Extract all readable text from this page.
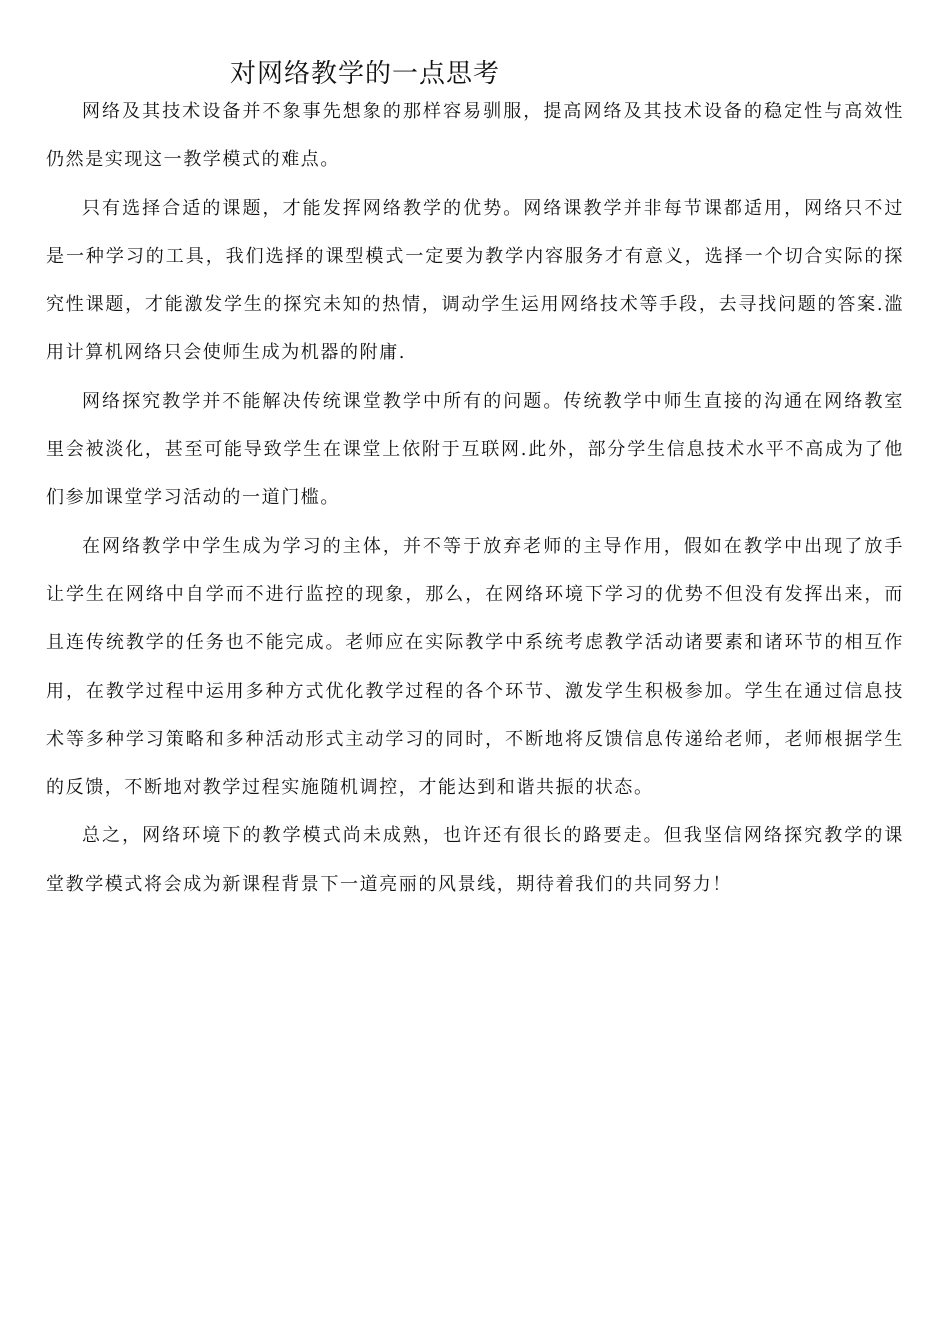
对网络教学的一点思考

网络及其技术设备并不象事先想象的那样容易驯服，提高网络及其技术设备的稳定性与高效性仍然是实现这一教学模式的难点。

只有选择合适的课题，才能发挥网络教学的优势。网络课教学并非每节课都适用，网络只不过是一种学习的工具，我们选择的课型模式一定要为教学内容服务才有意义，选择一个切合实际的探究性课题，才能激发学生的探究未知的热情，调动学生运用网络技术等手段，去寻找问题的答案.滥用计算机网络只会使师生成为机器的附庸.

网络探究教学并不能解决传统课堂教学中所有的问题。传统教学中师生直接的沟通在网络教室里会被淡化，甚至可能导致学生在课堂上依附于互联网.此外，部分学生信息技术水平不高成为了他们参加课堂学习活动的一道门槛。

在网络教学中学生成为学习的主体，并不等于放弃老师的主导作用，假如在教学中出现了放手让学生在网络中自学而不进行监控的现象，那么，在网络环境下学习的优势不但没有发挥出来，而且连传统教学的任务也不能完成。老师应在实际教学中系统考虑教学活动诸要素和诸环节的相互作用，在教学过程中运用多种方式优化教学过程的各个环节、激发学生积极参加。学生在通过信息技术等多种学习策略和多种活动形式主动学习的同时，不断地将反馈信息传递给老师，老师根据学生的反馈，不断地对教学过程实施随机调控，才能达到和谐共振的状态。

总之，网络环境下的教学模式尚未成熟，也许还有很长的路要走。但我坚信网络探究教学的课堂教学模式将会成为新课程背景下一道亮丽的风景线，期待着我们的共同努力！
